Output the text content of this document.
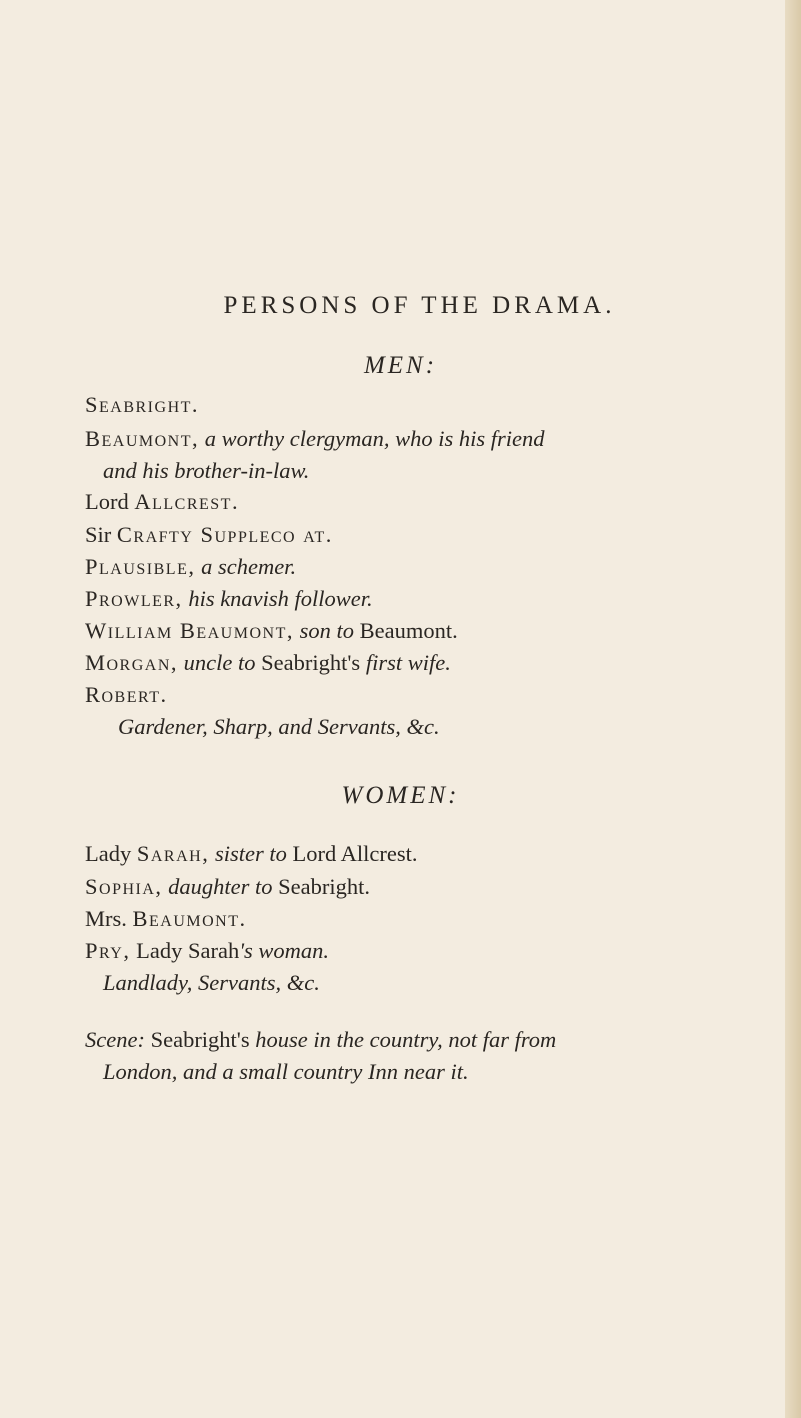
PERSONS OF THE DRAMA.
MEN:
WOMEN:
Seabright.
Beaumont, a worthy clergyman, who is his friend
and his brother-in-law.
Lord Allcrest.
Sir Crafty Suppleco at.
Plausible, a schemer.
Prowler, his knavish follower.
William Beaumont, son to Beaumont.
Morgan, uncle to Seabright's first wife.
Robert.
Gardener, Sharp, and Servants, &c.
Lady Sarah, sister to Lord Allcrest.
Sophia, daughter to Seabright.
Mrs. Beaumont.
Pry, Lady Sarah's woman.
Landlady, Servants, &c.
Scene: Seabright's house in the country, not far from
London, and a small country Inn near it.
